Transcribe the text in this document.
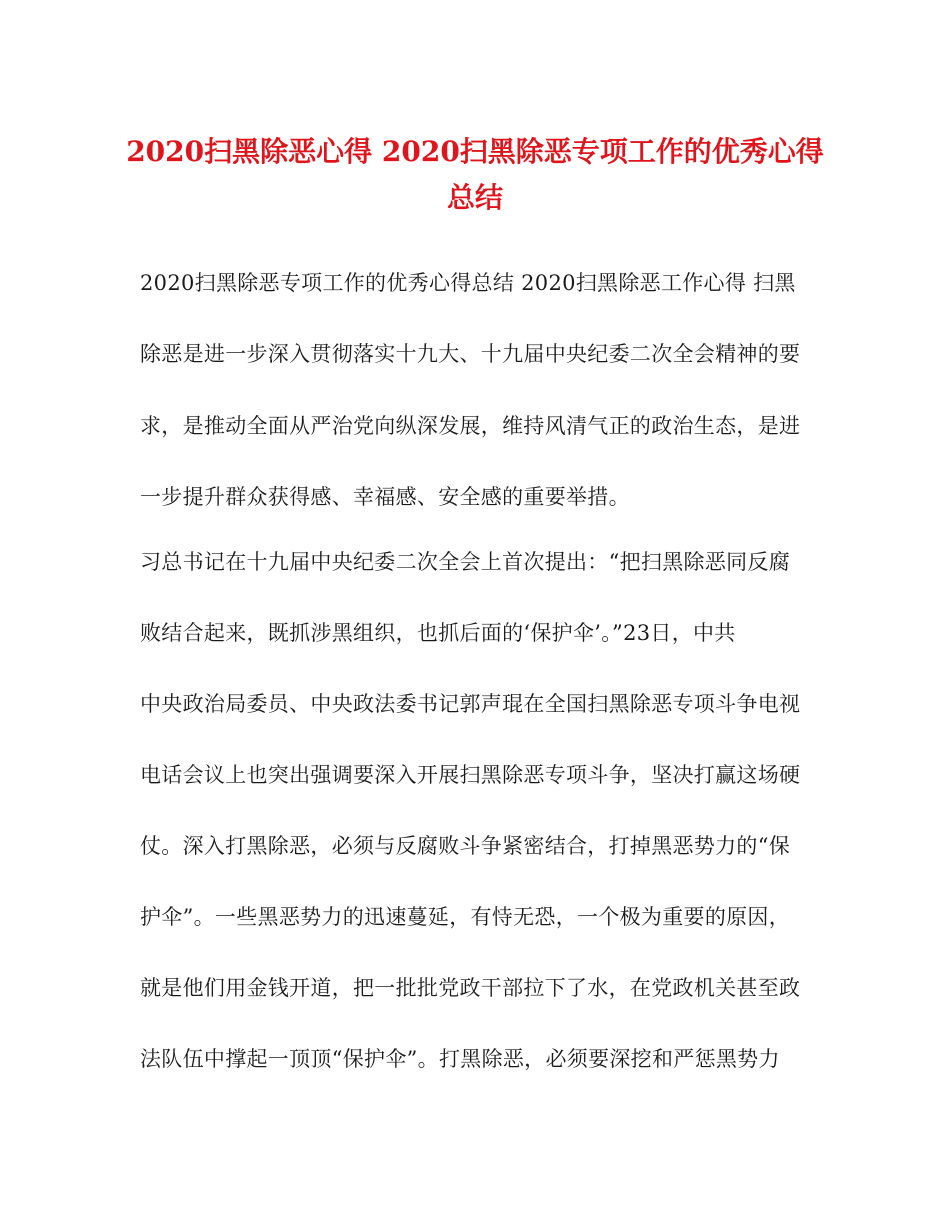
2020扫黑除恶心得 2020扫黑除恶专项工作的优秀心得
总结
2020扫黑除恶专项工作的优秀心得总结 2020扫黑除恶工作心得 扫黑
除恶是进一步深入贯彻落实十九大、十九届中央纪委二次全会精神的要
求，是推动全面从严治党向纵深发展，维持风清气正的政治生态，是进
一步提升群众获得感、幸福感、安全感的重要举措。
习总书记在十九届中央纪委二次全会上首次提出：“把扫黑除恶同反腐
败结合起来，既抓涉黑组织，也抓后面的‘保护伞’。”23日，中共
中央政治局委员、中央政法委书记郭声琨在全国扫黑除恶专项斗争电视
电话会议上也突出强调要深入开展扫黑除恶专项斗争，坚决打赢这场硬
仗。深入打黑除恶，必须与反腐败斗争紧密结合，打掉黑恶势力的“保
护伞”。一些黑恶势力的迅速蔓延，有恃无恐，一个极为重要的原因，
就是他们用金钱开道，把一批批党政干部拉下了水，在党政机关甚至政
法队伍中撑起一顶顶“保护伞”。打黑除恶，必须要深挖和严惩黑势力
